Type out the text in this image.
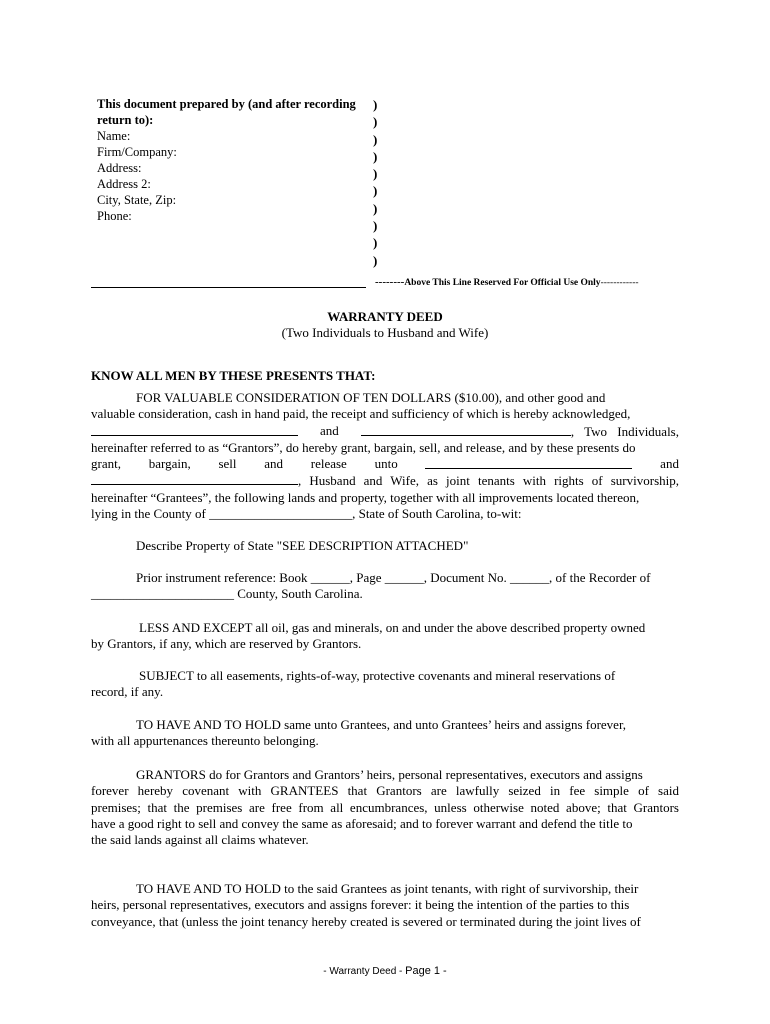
This document prepared by (and after recording
return to):
Name:
Firm/Company:
Address:
Address 2:
City, State, Zip:
Phone:
)
)
)
)
)
)
)
)
)
)
--------Above This Line Reserved For Official Use Only------------
WARRANTY DEED
(Two Individuals to Husband and Wife)
KNOW ALL MEN BY THESE PRESENTS THAT:
FOR VALUABLE CONSIDERATION OF TEN DOLLARS ($10.00), and other good and
valuable consideration, cash in hand paid, the receipt and sufficiency of which is hereby acknowledged,
and	, Two Individuals,
hereinafter referred to as “Grantors”, do hereby grant, bargain, sell, and release, and by these presents do
grant, bargain, sell and release unto	and
, Husband and Wife, as joint tenants with rights of survivorship,
hereinafter “Grantees”, the following lands and property, together with all improvements located thereon,
lying in the County of ______________________, State of South Carolina, to-wit:
Describe Property of State "SEE DESCRIPTION ATTACHED"
Prior instrument reference: Book ______, Page ______, Document No. ______, of the Recorder of
______________________ County, South Carolina.
LESS AND EXCEPT all oil, gas and minerals, on and under the above described property owned
by Grantors, if any, which are reserved by Grantors.
SUBJECT to all easements, rights-of-way, protective covenants and mineral reservations of
record, if any.
TO HAVE AND TO HOLD same unto Grantees, and unto Grantees’ heirs and assigns forever,
with all appurtenances thereunto belonging.
GRANTORS do for Grantors and Grantors’ heirs, personal representatives, executors and assigns
forever hereby covenant with GRANTEES that Grantors are lawfully seized in fee simple of said
premises; that the premises are free from all encumbrances, unless otherwise noted above; that Grantors
have a good right to sell and convey the same as aforesaid; and to forever warrant and defend the title to
the said lands against all claims whatever.
TO HAVE AND TO HOLD to the said Grantees as joint tenants, with right of survivorship, their
heirs, personal representatives, executors and assigns forever: it being the intention of the parties to this
conveyance, that (unless the joint tenancy hereby created is severed or terminated during the joint lives of
- Warranty Deed - Page 1 -
